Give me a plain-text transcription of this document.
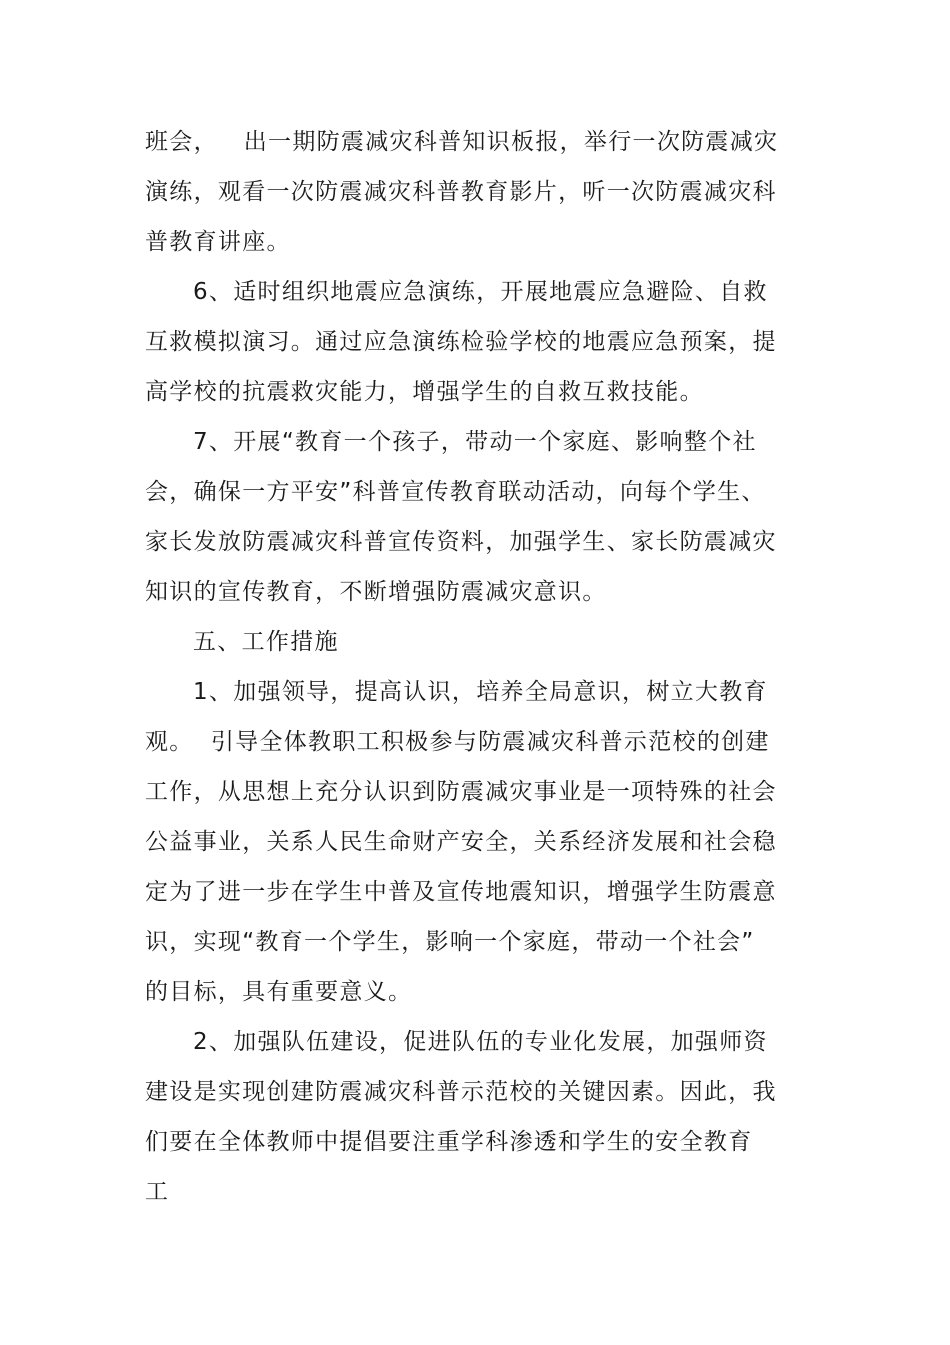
班会，   出一期防震减灾科普知识板报，举行一次防震减灾
演练，观看一次防震减灾科普教育影片，听一次防震减灾科
普教育讲座。
6、适时组织地震应急演练，开展地震应急避险、自救
互救模拟演习。通过应急演练检验学校的地震应急预案，提
高学校的抗震救灾能力，增强学生的自救互救技能。
7、开展“教育一个孩子，带动一个家庭、影响整个社
会，确保一方平安”科普宣传教育联动活动，向每个学生、
家长发放防震减灾科普宣传资料，加强学生、家长防震减灾
知识的宣传教育，不断增强防震减灾意识。
五、工作措施
1、加强领导，提高认识，培养全局意识，树立大教育
观。  引导全体教职工积极参与防震减灾科普示范校的创建
工作，从思想上充分认识到防震减灾事业是一项特殊的社会
公益事业，关系人民生命财产安全，关系经济发展和社会稳
定为了进一步在学生中普及宣传地震知识，增强学生防震意
识，实现“教育一个学生，影响一个家庭，带动一个社会”
的目标，具有重要意义。
2、加强队伍建设，促进队伍的专业化发展，加强师资
建设是实现创建防震减灾科普示范校的关键因素。因此，我
们要在全体教师中提倡要注重学科渗透和学生的安全教育
工
